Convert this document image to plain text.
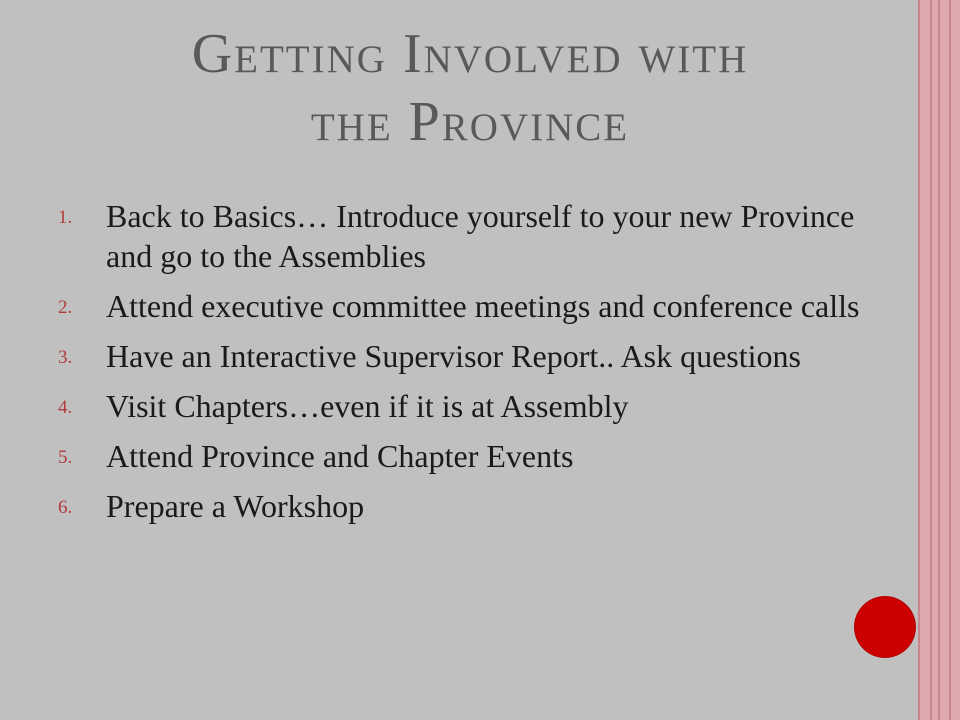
Getting Involved with
the Province
1. Back to Basics… Introduce yourself to your new Province and go to the Assemblies
2. Attend executive committee meetings and conference calls
3. Have an Interactive Supervisor Report.. Ask questions
4. Visit Chapters…even if it is at Assembly
5. Attend Province and Chapter Events
6. Prepare a Workshop
